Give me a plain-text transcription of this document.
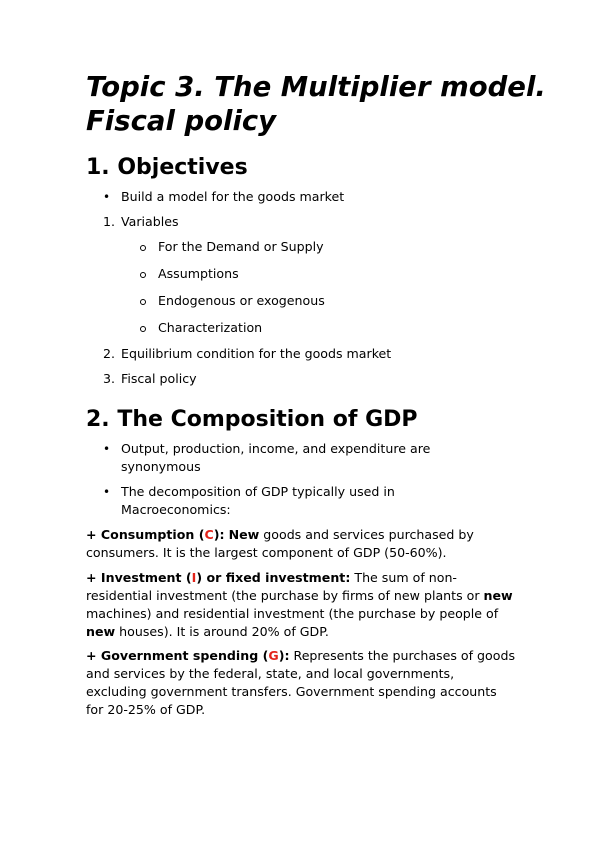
Topic 3. The Multiplier model. Fiscal policy
1. Objectives
• Build a model for the goods market
1. Variables
For the Demand or Supply
Assumptions
Endogenous or exogenous
Characterization
2. Equilibrium condition for the goods market
3. Fiscal policy
2. The Composition of GDP
• Output, production, income, and expenditure are synonymous
• The decomposition of GDP typically used in Macroeconomics:

+ Consumption (C): New goods and services purchased by consumers. It is the largest component of GDP (50-60%).

+ Investment (I) or fixed investment: The sum of non-residential investment (the purchase by firms of new plants or new machines) and residential investment (the purchase by people of new houses). It is around 20% of GDP.

+ Government spending (G): Represents the purchases of goods and services by the federal, state, and local governments, excluding government transfers. Government spending accounts for 20-25% of GDP.
